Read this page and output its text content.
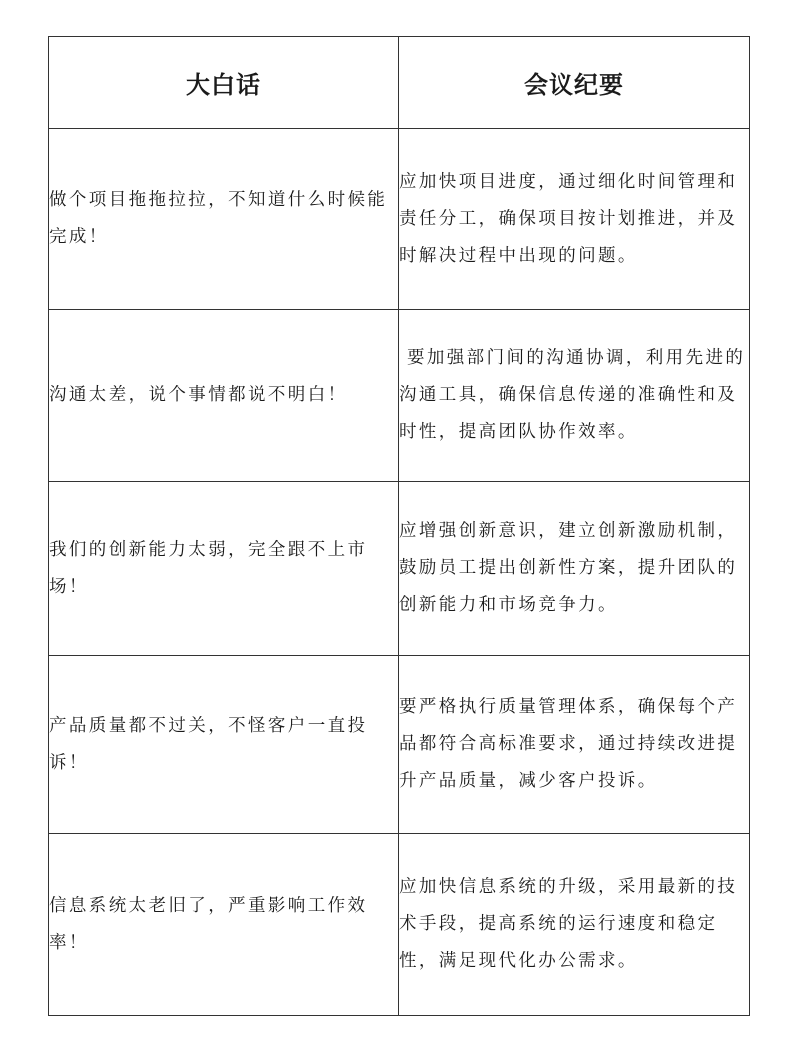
大白话	会议纪要

做个项目拖拖拉拉，不知道什么时候能完成！	应加快项目进度，通过细化时间管理和责任分工，确保项目按计划推进，并及时解决过程中出现的问题。

沟通太差，说个事情都说不明白！	要加强部门间的沟通协调，利用先进的沟通工具，确保信息传递的准确性和及时性，提高团队协作效率。

我们的创新能力太弱，完全跟不上市场！	应增强创新意识，建立创新激励机制，鼓励员工提出创新性方案，提升团队的创新能力和市场竞争力。

产品质量都不过关，不怪客户一直投诉！	要严格执行质量管理体系，确保每个产品都符合高标准要求，通过持续改进提升产品质量，减少客户投诉。

信息系统太老旧了，严重影响工作效率！	应加快信息系统的升级，采用最新的技术手段，提高系统的运行速度和稳定性，满足现代化办公需求。
